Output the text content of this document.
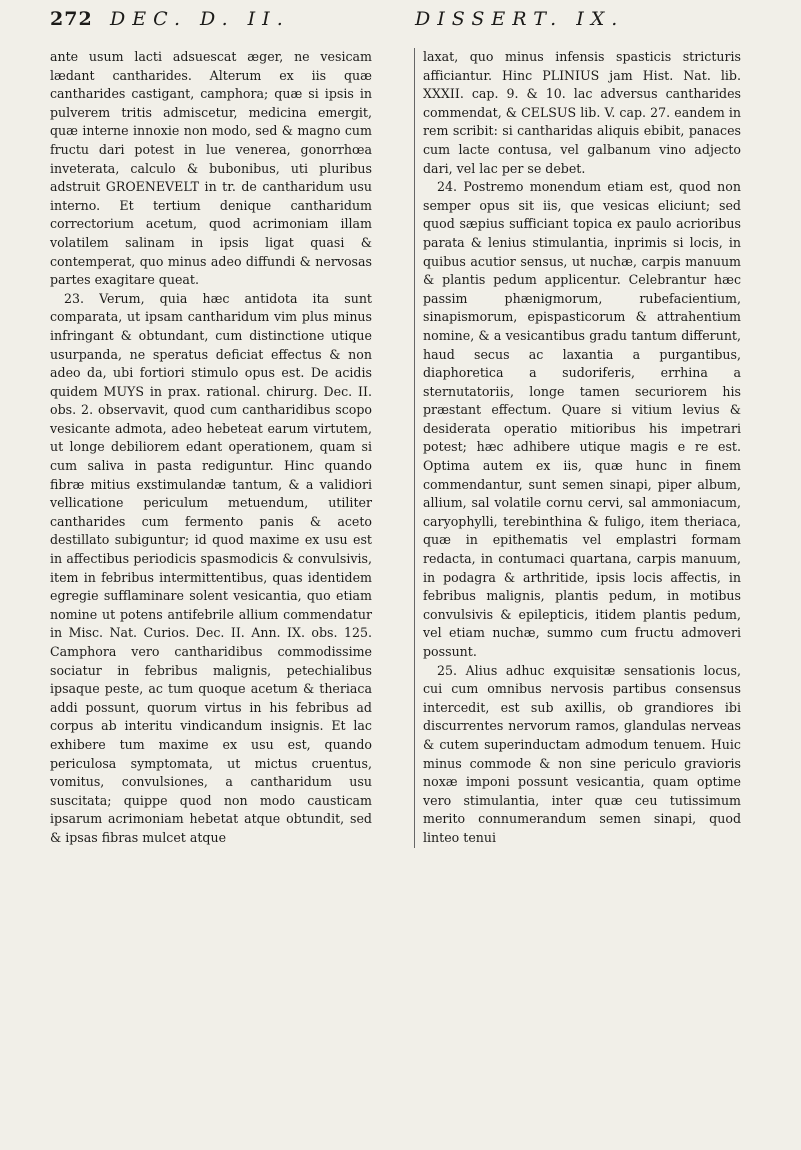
272 DEC. D. II.	DISSERT. IX.

ante usum lacti adsuescat æger, ne vesicam lædant cantharides. Alterum ex iis quæ cantharides castigant, camphora; quæ si ipsis in pulverem tritis admiscetur, medicina emergit, quæ interne innoxie non modo, sed & magno cum fructu dari potest in lue venerea, gonorrhœa inveterata, calculo & bubonibus, uti pluribus adstruit GROENEVELT in tr. de cantharidum usu interno. Et tertium denique cantharidum correctorium acetum, quod acrimoniam illam volatilem salinam in ipsis ligat quasi & contemperat, quo minus adeo diffundi & nervosas partes exagitare queat.

23. Verum, quia hæc antidota ita sunt comparata, ut ipsam cantharidum vim plus minus infringant & obtundant, cum distinctione utique usurpanda, ne speratus deficiat effectus & non adeo da, ubi fortiori stimulo opus est. De acidis quidem MUYS in prax. rational. chirurg. Dec. II. obs. 2. observavit, quod cum cantharidibus scopo vesicante admota, adeo hebeteat earum virtutem, ut longe debiliorem edant operationem, quam si cum saliva in pasta rediguntur. Hinc quando fibræ mitius exstimulandæ tantum, & a validiori vellicatione periculum metuendum, utiliter cantharides cum fermento panis & aceto destillato subiguntur; id quod maxime ex usu est in affectibus periodicis spasmodicis & convulsivis, item in febribus intermittentibus, quas identidem egregie sufflaminare solent vesicantia, quo etiam nomine ut potens antifebrile allium commendatur in Misc. Nat. Curios. Dec. II. Ann. IX. obs. 125. Camphora vero cantharidibus commodissime sociatur in febribus malignis, petechialibus ipsaque peste, ac tum quoque acetum & theriaca addi possunt, quorum virtus in his febribus ad corpus ab interitu vindicandum insignis. Et lac exhibere tum maxime ex usu est, quando periculosa symptomata, ut mictus cruentus, vomitus, convulsiones, a cantharidum usu suscitata; quippe quod non modo causticam ipsarum acrimoniam hebetat atque obtundit, sed & ipsas fibras mulcet atque

laxat, quo minus infensis spasticis stricturis afficiantur. Hinc PLINIUS jam Hist. Nat. lib. XXXII. cap. 9. & 10. lac adversus cantharides commendat, & CELSUS lib. V. cap. 27. eandem in rem scribit: si cantharidas aliquis ebibit, panaces cum lacte contusa, vel galbanum vino adjecto dari, vel lac per se debet.

24. Postremo monendum etiam est, quod non semper opus sit iis, que vesicas eliciunt; sed quod sæpius sufficiant topica ex paulo acrioribus parata & lenius stimulantia, inprimis si locis, in quibus acutior sensus, ut nuchæ, carpis manuum & plantis pedum applicentur. Celebrantur hæc passim phænigmorum, rubefacientium, sinapismorum, epispasticorum & attrahentium nomine, & a vesicantibus gradu tantum differunt, haud secus ac laxantia a purgantibus, diaphoretica a sudoriferis, errhina a sternutatoriis, longe tamen securiorem his præstant effectum. Quare si vitium levius & desiderata operatio mitioribus his impetrari potest; hæc adhibere utique magis e re est. Optima autem ex iis, quæ hunc in finem commendantur, sunt semen sinapi, piper album, allium, sal volatile cornu cervi, sal ammoniacum, caryophylli, terebinthina & fuligo, item theriaca, quæ in epithematis vel emplastri formam redacta, in contumaci quartana, carpis manuum, in podagra & arthritide, ipsis locis affectis, in febribus malignis, plantis pedum, in motibus convulsivis & epilepticis, itidem plantis pedum, vel etiam nuchæ, summo cum fructu admoveri possunt.

25. Alius adhuc exquisitæ sensationis locus, cui cum omnibus nervosis partibus consensus intercedit, est sub axillis, ob grandiores ibi discurrentes nervorum ramos, glandulas nerveas & cutem superinductam admodum tenuem. Huic minus commode & non sine periculo gravioris noxæ imponi possunt vesicantia, quam optime vero stimulantia, inter quæ ceu tutissimum merito connumerandum semen sinapi, quod linteo tenui
